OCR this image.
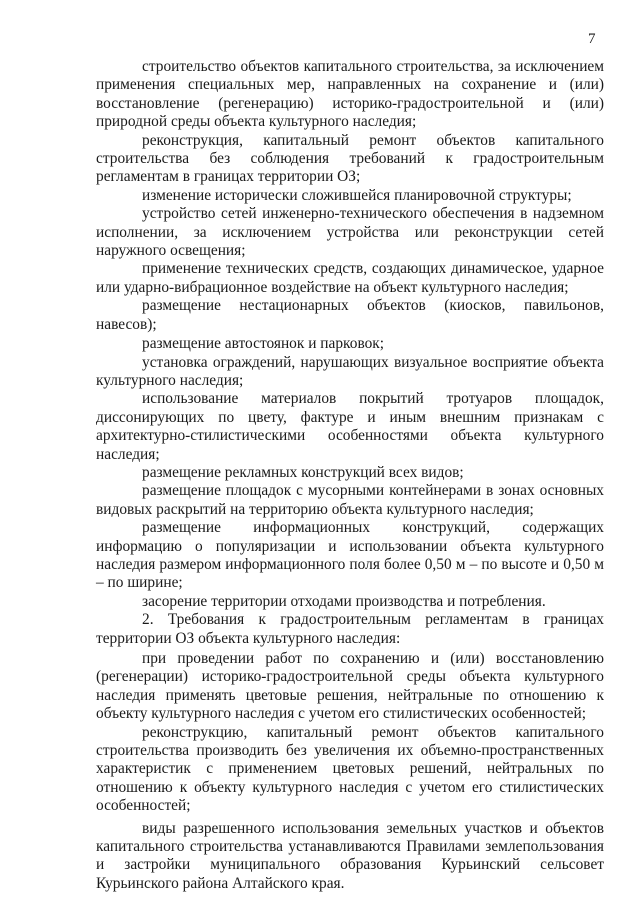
7

строительство объектов капитального строительства, за исключением применения специальных мер, направленных на сохранение и (или) восстановление (регенерацию) историко-градостроительной и (или) природной среды объекта культурного наследия;

реконструкция, капитальный ремонт объектов капитального строительства без соблюдения требований к градостроительным регламентам в границах территории ОЗ;

изменение исторически сложившейся планировочной структуры;

устройство сетей инженерно-технического обеспечения в надземном исполнении, за исключением устройства или реконструкции сетей наружного освещения;

применение технических средств, создающих динамическое, ударное или ударно-вибрационное воздействие на объект культурного наследия;

размещение нестационарных объектов (киосков, павильонов, навесов);

размещение автостоянок и парковок;

установка ограждений, нарушающих визуальное восприятие объекта культурного наследия;

использование материалов покрытий тротуаров площадок, диссонирующих по цвету, фактуре и иным внешним признакам с архитектурно-стилистическими особенностями объекта культурного наследия;

размещение рекламных конструкций всех видов;

размещение площадок с мусорными контейнерами в зонах основных видовых раскрытий на территорию объекта культурного наследия;

размещение информационных конструкций, содержащих информацию о популяризации и использовании объекта культурного наследия размером информационного поля более 0,50 м – по высоте и 0,50 м – по ширине;

засорение территории отходами производства и потребления.

2. Требования к градостроительным регламентам в границах территории ОЗ объекта культурного наследия:

при проведении работ по сохранению и (или) восстановлению (регенерации) историко-градостроительной среды объекта культурного наследия применять цветовые решения, нейтральные по отношению к объекту культурного наследия с учетом его стилистических особенностей;

реконструкцию, капитальный ремонт объектов капитального строительства производить без увеличения их объемно-пространственных характеристик с применением цветовых решений, нейтральных по отношению к объекту культурного наследия с учетом его стилистических особенностей;

виды разрешенного использования земельных участков и объектов капитального строительства устанавливаются Правилами землепользования и застройки муниципального образования Курьинский сельсовет Курьинского района Алтайского края.
